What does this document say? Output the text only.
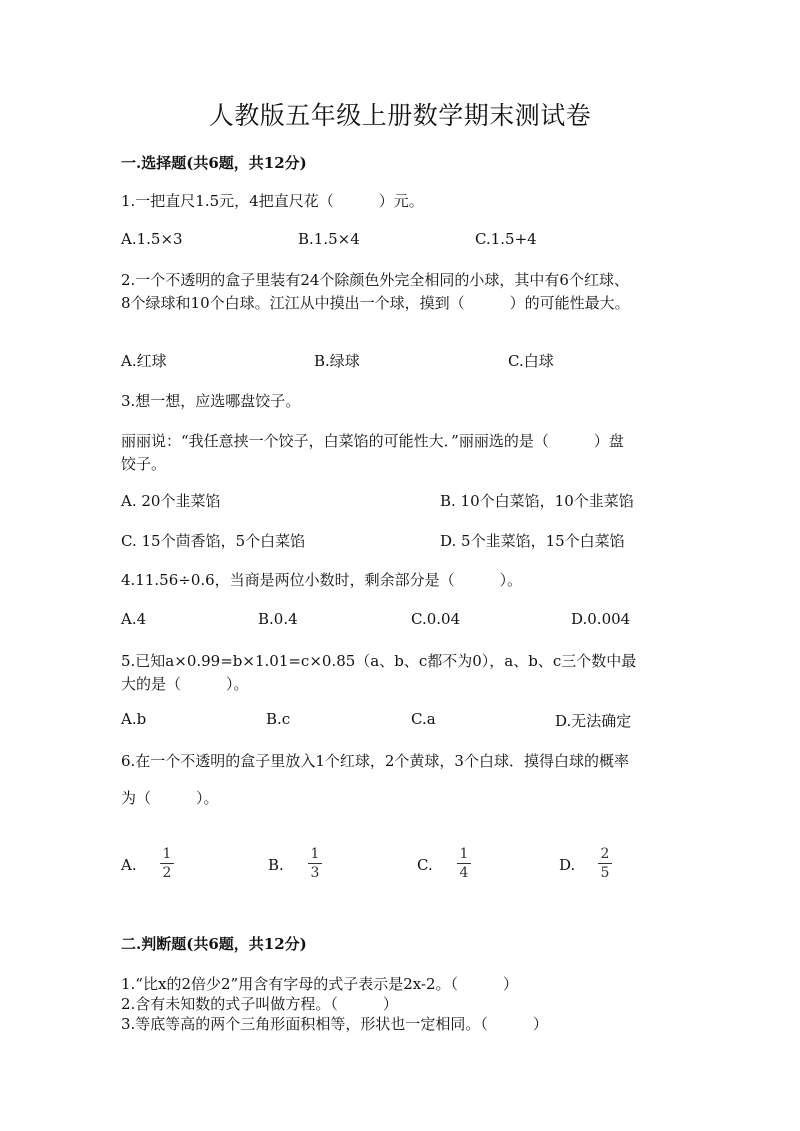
人教版五年级上册数学期末测试卷
一.选择题(共6题，共12分)
1.一把直尺1.5元，4把直尺花（　　　）元。
A.1.5×3	B.1.5×4	C.1.5+4
2.一个不透明的盒子里装有24个除颜色外完全相同的小球，其中有6个红球、
8个绿球和10个白球。江江从中摸出一个球，摸到（　　　）的可能性最大。
A.红球	B.绿球	C.白球
3.想一想，应选哪盘饺子。
丽丽说：“我任意挟一个饺子，白菜馅的可能性大．”丽丽选的是（　　　）盘
饺子。
A. 20个韭菜馅	B. 10个白菜馅，10个韭菜馅
C. 15个茴香馅，5个白菜馅	D. 5个韭菜馅，15个白菜馅
4.11.56÷0.6，当商是两位小数时，剩余部分是（　　　）。
A.4	B.0.4	C.0.04	D.0.004
5.已知a×0.99=b×1.01=c×0.85（a、b、c都不为0），a、b、c三个数中最
大的是（　　　）。
A.b	B.c	C.a	D.无法确定
6.在一个不透明的盒子里放入1个红球，2个黄球，3个白球．摸得白球的概率
为（　　　）。
A.
1
2	B.
1
3	C.
1
4	D.
2
5
二.判断题(共6题，共12分)
1.“比x的2倍少2”用含有字母的式子表示是2x-2。（　　　）
2.含有未知数的式子叫做方程。（　　　）
3.等底等高的两个三角形面积相等，形状也一定相同。（　　　）
